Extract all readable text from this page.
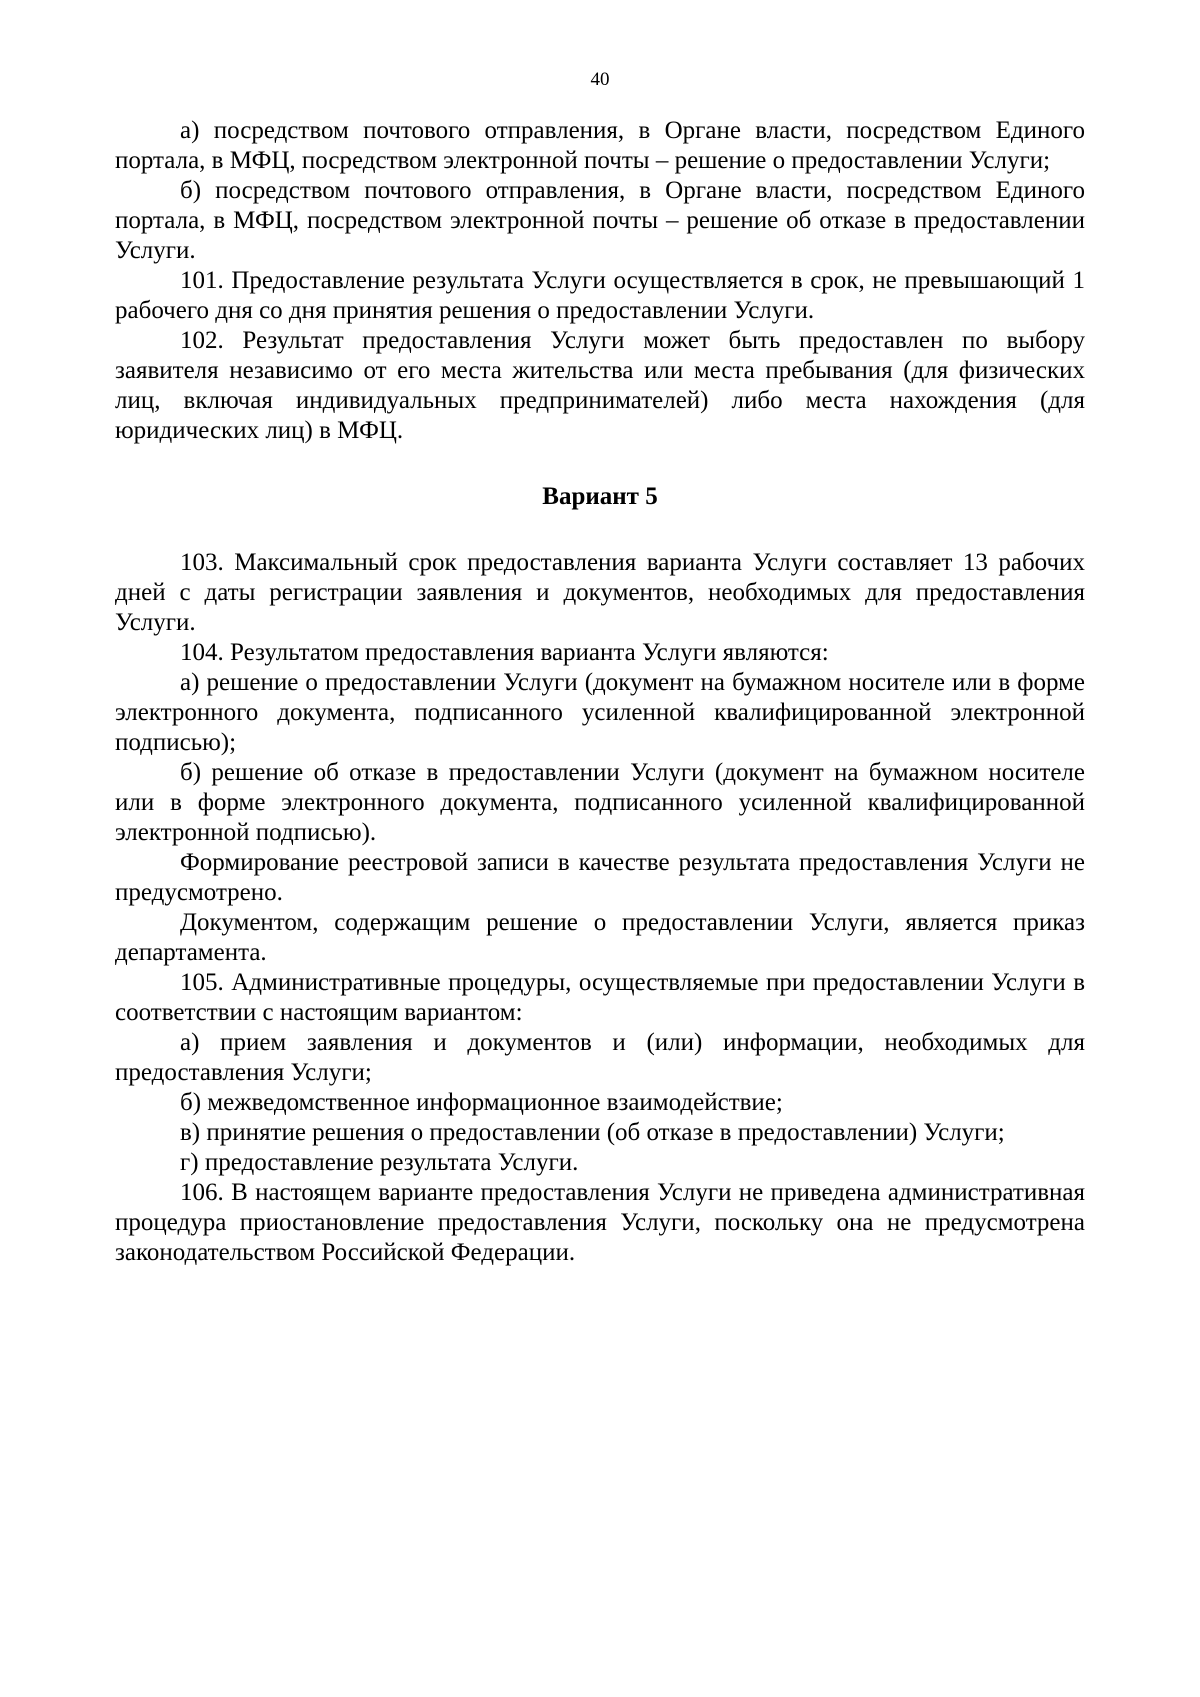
40

а) посредством почтового отправления, в Органе власти, посредством Единого портала, в МФЦ, посредством электронной почты – решение о предоставлении Услуги;

б) посредством почтового отправления, в Органе власти, посредством Единого портала, в МФЦ, посредством электронной почты – решение об отказе в предоставлении Услуги.

101. Предоставление результата Услуги осуществляется в срок, не превышающий 1 рабочего дня со дня принятия решения о предоставлении Услуги.

102. Результат предоставления Услуги может быть предоставлен по выбору заявителя независимо от его места жительства или места пребывания (для физических лиц, включая индивидуальных предпринимателей) либо места нахождения (для юридических лиц) в МФЦ.

Вариант 5

103. Максимальный срок предоставления варианта Услуги составляет 13 рабочих дней с даты регистрации заявления и документов, необходимых для предоставления Услуги.

104. Результатом предоставления варианта Услуги являются:

а) решение о предоставлении Услуги (документ на бумажном носителе или в форме электронного документа, подписанного усиленной квалифицированной электронной подписью);

б) решение об отказе в предоставлении Услуги (документ на бумажном носителе или в форме электронного документа, подписанного усиленной квалифицированной электронной подписью).

Формирование реестровой записи в качестве результата предоставления Услуги не предусмотрено.

Документом, содержащим решение о предоставлении Услуги, является приказ департамента.

105. Административные процедуры, осуществляемые при предоставлении Услуги в соответствии с настоящим вариантом:

а) прием заявления и документов и (или) информации, необходимых для предоставления Услуги;

б) межведомственное информационное взаимодействие;

в) принятие решения о предоставлении (об отказе в предоставлении) Услуги;

г) предоставление результата Услуги.

106. В настоящем варианте предоставления Услуги не приведена административная процедура приостановление предоставления Услуги, поскольку она не предусмотрена законодательством Российской Федерации.
